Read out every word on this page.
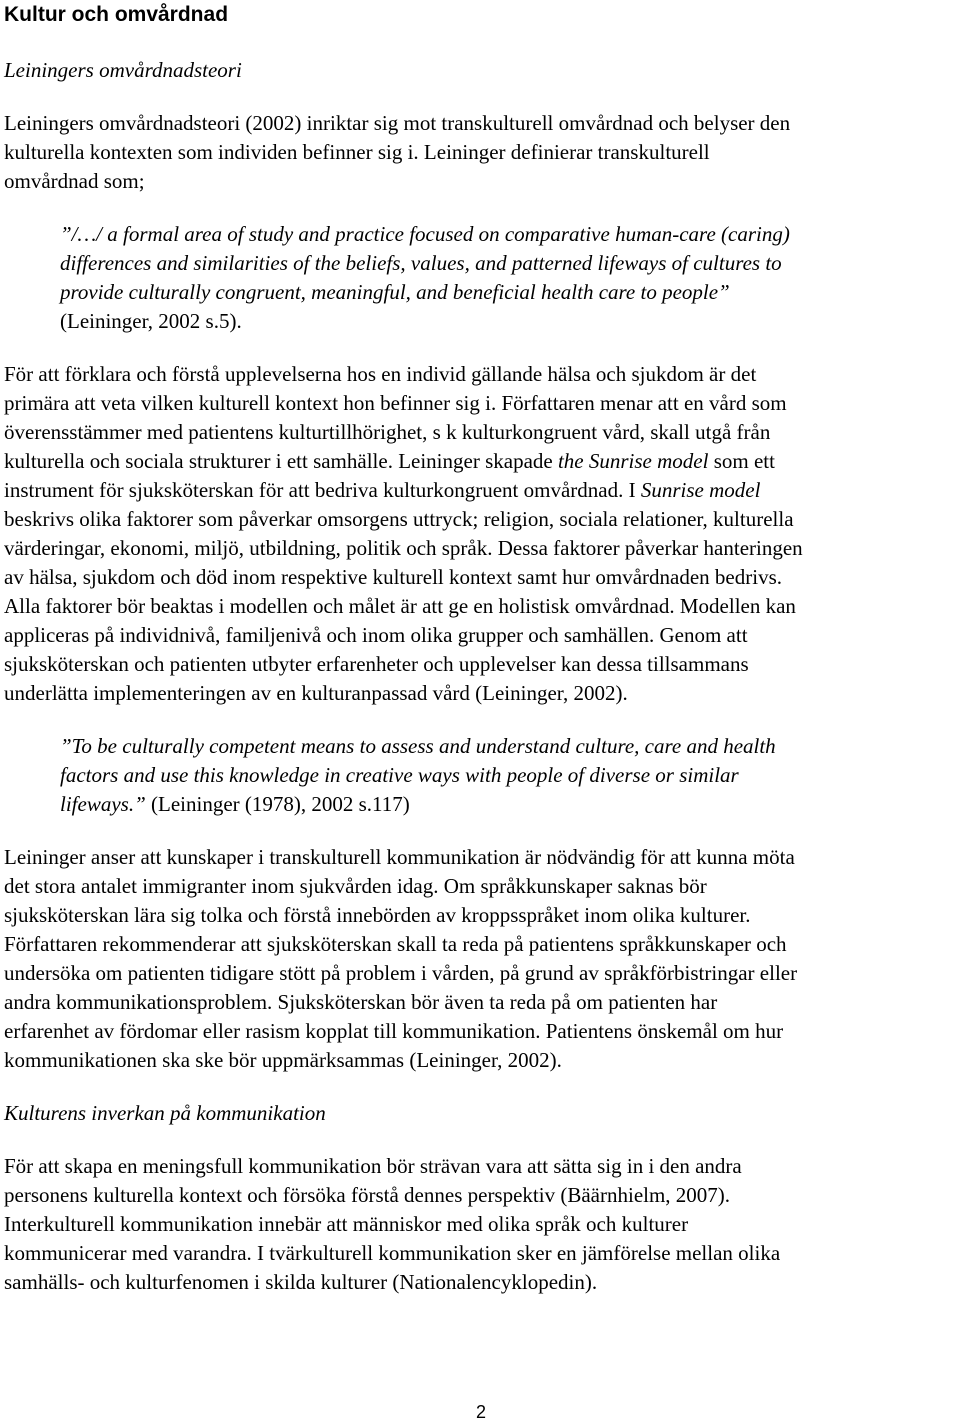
Kultur och omvårdnad
Leiningers omvårdnadsteori
Leiningers omvårdnadsteori (2002) inriktar sig mot transkulturell omvårdnad och belyser den
kulturella kontexten som individen befinner sig i. Leininger definierar transkulturell
omvårdnad som;
”/…/ a formal area of study and practice focused on comparative human-care (caring)
differences and similarities of the beliefs, values, and patterned lifeways of cultures to
provide culturally congruent, meaningful, and beneficial health care to people”
(Leininger, 2002 s.5).
För att förklara och förstå upplevelserna hos en individ gällande hälsa och sjukdom är det
primära att veta vilken kulturell kontext hon befinner sig i. Författaren menar att en vård som
överensstämmer med patientens kulturtillhörighet, s k kulturkongruent vård, skall utgå från
kulturella och sociala strukturer i ett samhälle. Leininger skapade the Sunrise model som ett
instrument för sjuksköterskan för att bedriva kulturkongruent omvårdnad. I Sunrise model
beskrivs olika faktorer som påverkar omsorgens uttryck; religion, sociala relationer, kulturella
värderingar, ekonomi, miljö, utbildning, politik och språk. Dessa faktorer påverkar hanteringen
av hälsa, sjukdom och död inom respektive kulturell kontext samt hur omvårdnaden bedrivs.
Alla faktorer bör beaktas i modellen och målet är att ge en holistisk omvårdnad. Modellen kan
appliceras på individnivå, familjenivå och inom olika grupper och samhällen. Genom att
sjuksköterskan och patienten utbyter erfarenheter och upplevelser kan dessa tillsammans
underlätta implementeringen av en kulturanpassad vård (Leininger, 2002).
”To be culturally competent means to assess and understand culture, care and health
factors and use this knowledge in creative ways with people of diverse or similar
lifeways.” (Leininger (1978), 2002 s.117)
Leininger anser att kunskaper i transkulturell kommunikation är nödvändig för att kunna möta
det stora antalet immigranter inom sjukvården idag. Om språkkunskaper saknas bör
sjuksköterskan lära sig tolka och förstå innebörden av kroppsspråket inom olika kulturer.
Författaren rekommenderar att sjuksköterskan skall ta reda på patientens språkkunskaper och
undersöka om patienten tidigare stött på problem i vården, på grund av språkförbistringar eller
andra kommunikationsproblem. Sjuksköterskan bör även ta reda på om patienten har
erfarenhet av fördomar eller rasism kopplat till kommunikation. Patientens önskemål om hur
kommunikationen ska ske bör uppmärksammas (Leininger, 2002).
Kulturens inverkan på kommunikation
För att skapa en meningsfull kommunikation bör strävan vara att sätta sig in i den andra
personens kulturella kontext och försöka förstå dennes perspektiv (Bäärnhielm, 2007).
Interkulturell kommunikation innebär att människor med olika språk och kulturer
kommunicerar med varandra. I tvärkulturell kommunikation sker en jämförelse mellan olika
samhälls- och kulturfenomen i skilda kulturer (Nationalencyklopedin).
2
